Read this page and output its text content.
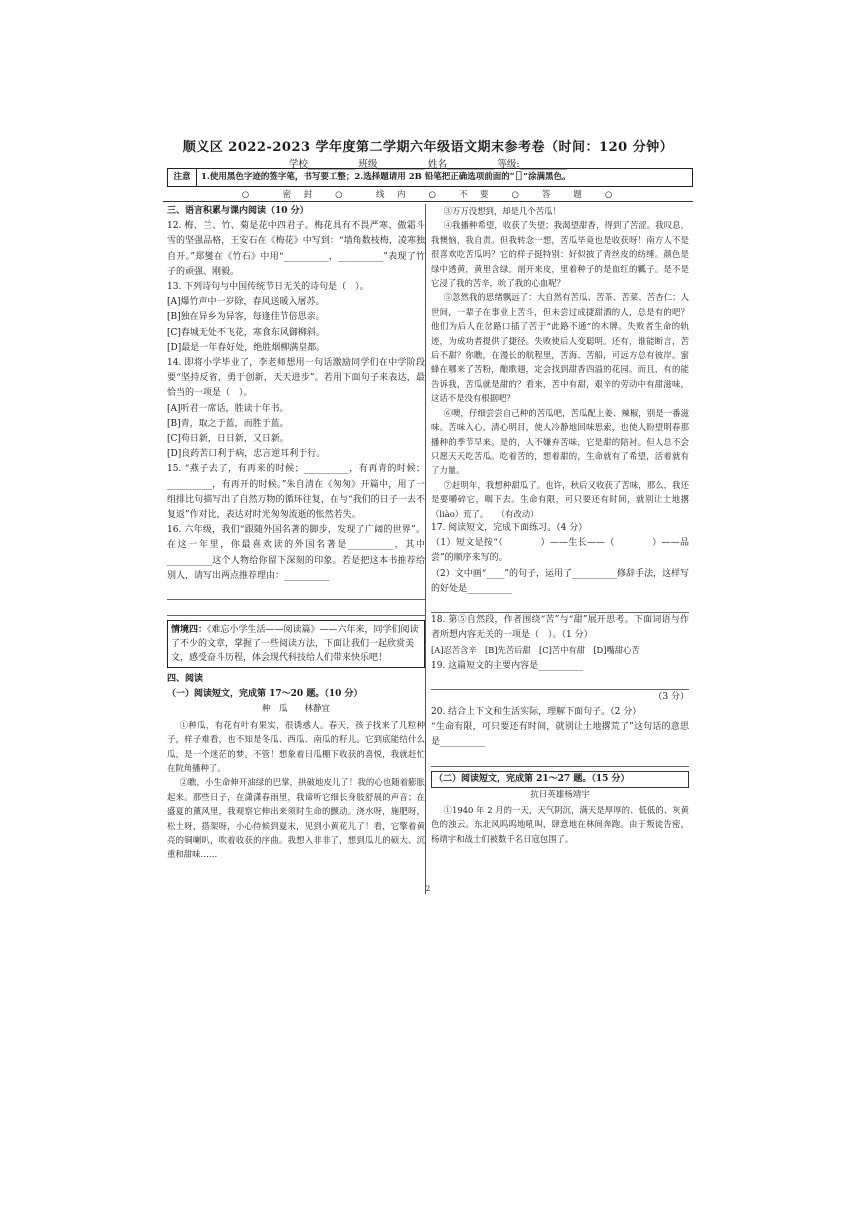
顺义区 2022-2023 学年度第二学期六年级语文期末参考卷（时间：120 分钟）
学校__________ 班级__________ 姓名__________ 等级:__________
注意 1.使用黑色字迹的签字笔，书写要工整；2.选择题请用 2B 铅笔把正确选项前面的“［］”涂满黑色。
○　　　密　封　　○　　　线　内　　○　　不　要　　○　　答　　题　　○

三、语言积累与课内阅读（10 分）

12. 梅、兰、竹、菊是花中四君子。梅花具有不畏严寒、傲霜斗雪的坚强品格，王安石在《梅花》中写到：“墙角数枝梅，凌寒独自开。”郑燮在《竹石》中用“__________，__________”表现了竹子的顽强、刚毅。

13. 下列诗句与中国传统节日无关的诗句是（　）。

[A]爆竹声中一岁除，春风送暖入屠苏。

[B]独在异乡为异客，每逢佳节倍思亲。

[C]春城无处不飞花，寒食东风御柳斜。

[D]最是一年春好处，绝胜烟柳满皇都。

14. 即将小学毕业了，李老师想用一句话激励同学们在中学阶段要“坚持反省，勇于创新，天天进步”。若用下面句子来表达，最恰当的一项是（　）。

[A]听君一席话，胜读十年书。

[B]青，取之于蓝，而胜于蓝。

[C]苟日新，日日新，又日新。

[D]良药苦口利于病，忠言逆耳利于行。

15. “燕子去了，有再来的时候；__________，有再青的时候；__________，有再开的时候。”朱自清在《匆匆》开篇中，用了一组排比句描写出了自然万物的循环往复，在与“我们的日子一去不复返”作对比，表达对时光匆匆流逝的怅然若失。

16. 六年级，我们“跟随外国名著的脚步，发现了广阔的世界”。在这一年里，你最喜欢读的外国名著是__________，其中__________这个人物给你留下深刻的印象。若是把这本书推荐给别人，请写出两点推荐理由：__________

情境四：《难忘小学生活——阅读篇》——六年来，同学们阅读了不少的文章，掌握了一些阅读方法，下面让我们一起欣赏美文，感受奋斗历程，体会现代科技给人们带来快乐吧！

四、阅读

（一）阅读短文，完成第 17～20 题。（10 分）

种　瓜　　林静宜

①种瓜，有花有叶有果实，很诱惑人。春天，孩子找来了几粒种子，样子难看，也不知是冬瓜、西瓜、南瓜的籽儿。它到底能结什么瓜，是一个迷茫的梦。不管！想象着日瓜棚下收获的喜悦，我就赶忙在院角播种了。

②瞧，小生命伸开油绿的巴掌，拱破地皮儿了！我的心也随着膨胀起来。那些日子，在潇潇春雨里，我谛听它细长身肢舒展的声音；在盛夏的薰风里，我观察它伸出来须时生命的颤动。浇水呀，施肥呀，松土呀，搭架呀，小心侍候到夏末，见到小黄花儿了！看，它擎着黄亮的铜喇叭，吹着收获的序曲。我想入非非了，想到瓜儿的硕大、沉重和甜味……

③万万没想到，却是几个苦瓜！

④我播种希望，收获了失望；我渴望甜香，得到了苦涩。我叹息，我懊恼，我自责。但我转念一想，苦瓜毕竟也是收获呀！南方人不是很喜欢吃苦瓜吗？它的样子挺特别：好似披了青丝皮的纺缍。颜色是绿中透黄，黄里含绿。剖开来皮，里着种子的是血红的瓤子。是不是它浸了我的苦辛，吮了我的心血呢？

⑤忽然我的思绪飘远了：大自然有苦瓜、苦茶、苦菜、苦杏仁；人世间，一辈子在事业上苦斗，但未尝过成捷甜酒的人，总是有的吧？他们为后人在岔路口插了苦于“此路不通”的木牌。失败者生命的轨迹，为成功者提供了捷径。失败使后人变聪明。还有，谁能断言，苦后不甜？你瞧，在漫长的航程里，苦海、苦船，可远方总有彼岸。蜜蜂在哪来了苦粉，酿歌翅，定会找到甜香四溢的花园。而且，有的能告诉我，苦瓜就是甜的？看来，苦中有甜，艰辛的劳动中有甜滋味，这话不是没有根据吧？

⑥噢，仔细尝尝自己种的苦瓜吧，苦瓜配上姜、辣椒，别是一番滋味。苦味入心，清心明目，使人冷静地回味思索，也使人盼望明春那播种的季节早来。是的，人不嫌弃苦味，它是甜的陪衬。但人总不会只愿天天吃苦瓜。吃着苦的，想着甜的，生命就有了希望，活着就有了力量。

⑦赶明年，我想种甜瓜了。也许，秋后又收获了苦味，那么，我还是要嚼碎它，咽下去。生命有限，可只要还有时间，就别让土地撂（liào）荒了。　　（有改动）

17. 阅读短文，完成下面练习。（4 分）

（1）短文是按“（　　　　）——生长——（　　　　）——品尝”的顺序来写的。

（2）文中画“____”的句子，运用了__________修辞手法，这样写的好处是__________

18. 第⑤自然段，作者围绕“苦”与“甜”展开思考。下面词语与作者所想内容无关的一项是（　）。（1 分）

[A]忍苦含辛　[B]先苦后甜　[C]苦中有甜　[D]嘴甜心苦

19. 这篇短文的主要内容是__________

（3 分）

20. 结合上下文和生活实际，理解下面句子。（2 分）

“生命有限，可只要还有时间，就别让土地撂荒了”这句话的意思是__________

（二）阅读短文，完成第 21～27 题。（15 分）

抗日英雄杨靖宇

①1940 年 2 月的一天，天气阴沉，满天是厚厚的、低低的、灰黄色的浊云。东北风呜呜地吼叫，肆意地在林间奔跑。由于叛徒告密，杨靖宇和战士们被数千名日寇包围了。

2
